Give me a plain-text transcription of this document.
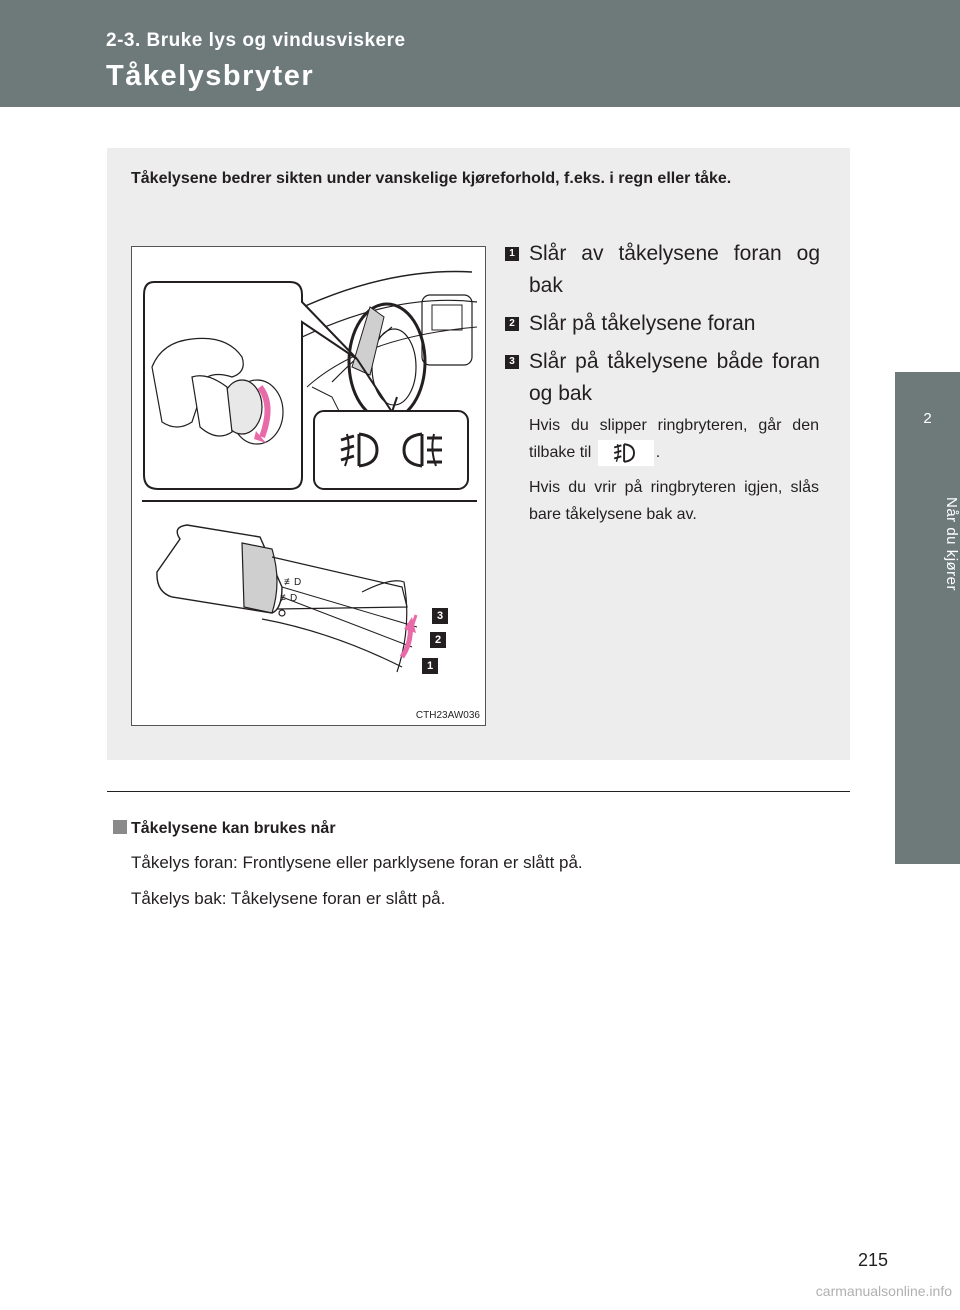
2-3. Bruke lys og vindusviskere
Tåkelysbryter
2
Når du kjører
Tåkelysene bedrer sikten under vanskelige kjøreforhold, f.eks. i regn eller tåke.
≢D
≢D
3
2
1
CTH23AW036
1 Slår av tåkelysene foran og bak
2 Slår på tåkelysene foran
3 Slår på tåkelysene både foran og bak

Hvis du slipper ringbryteren, går den tilbake til	.

Hvis du vrir på ringbryteren igjen, slås bare tåkelysene bak av.

Tåkelysene kan brukes når
Tåkelys foran: Frontlysene eller parklysene foran er slått på.
Tåkelys bak: Tåkelysene foran er slått på.
215
carmanualsonline.info
